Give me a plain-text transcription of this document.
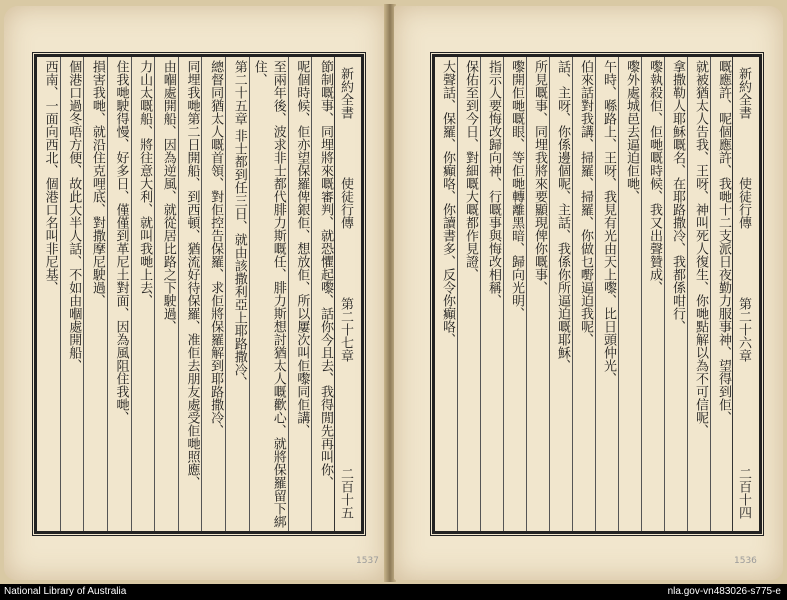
節制嘅事、同埋將來嘅審判、就恐懼起嚟、話你今且去、我得閒先再叫你、
呢個時候、佢亦望保羅俾銀佢、想放佢、所以屢次叫佢嚟同佢講、
至兩年後、波求非士都代腓力斯嘅任、腓力斯想討猶太人嘅歡心、就將保羅留下綁住、
第二十五章 非士都到任三日、就由該撒利亞上耶路撒冷、
總督同猶太人嘅首領、對佢控告保羅、求佢將保羅解到耶路撒冷、
同埋我哋第二日開船、到西頓、猶流好待保羅、准佢去朋友處受佢哋照應、
由嗰處開船、因為逆風、就從居比路之下駛過、
力山太嘅船、將往意大利、就叫我哋上去、
住我哋駛得慢、好多日、僅僅到革尼土對面、因為風阻住我哋、
損害我哋、就沿住克哩底、對撒摩尼駛過、
個港口過冬唔方便、故此大半人話、不如由嗰處開船、
西南、一面向西北、個港口名叫非尼基、	新約全書
使徒行傳
第二十七章
二百十五
1537
嘅應許、呢個應許、我哋十二支派日夜勤力服事神、望得到佢、
就被猶太人告我、王呀、神叫死人復生、你哋點解以為不可信呢、
拿撒勒人耶穌嘅名、在耶路撒冷、我都係咁行、
嚟執殺佢、佢哋嘅時候、我又出聲贊成、
嚟外處城邑去逼迫佢哋、
午時、喺路上、王呀、我見有光由天上嚟、比日頭仲光、
伯來話對我講、掃羅、掃羅、你做乜嘢逼迫我呢、
話、主呀、你係邊個呢、主話、我係你所逼迫嘅耶穌、
所見嘅事、同埋我將來要顯現俾你嘅事、
嚟開佢哋嘅眼、等佢哋轉離黑暗、歸向光明、
指示人要悔改歸向神、行嘅事與悔改相稱、
保佑至到今日、對細嘅大嘅都作見證、
大聲話、保羅、你癲咯、你讀書多、反令你癲咯、	新約全書
使徒行傳
第二十六章
二百十四
1536
National Library of Australia	nla.gov-vn483026-s775-e
